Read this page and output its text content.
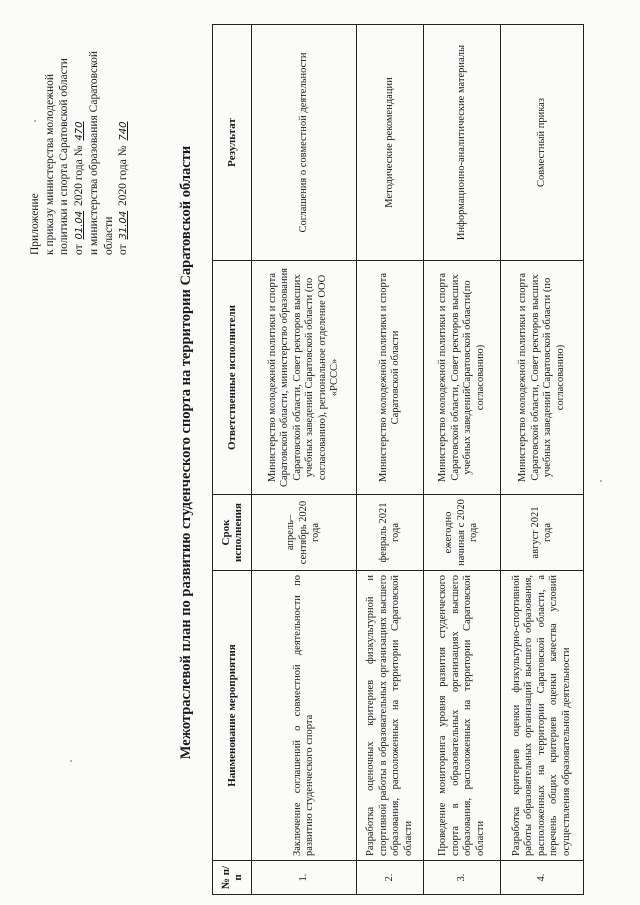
Приложение к приказу министерства молодежной политики и спорта Саратовской области от 01.04 2020 года № 470 и министерства образования Саратовской области от 31.04 2020 года № 740
Межотраслевой план по развитию студенческого спорта на территории Саратовской области
№ п/п	Наименование мероприятия	Срок исполнения	Ответственные исполнители	Результат
1.	Заключение соглашений о совместной деятельности по развитию студенческого спорта	апрель–сентябрь 2020 года	Министерство молодежной политики и спорта Саратовской области, министерство образования Саратовской области, Совет ректоров высших учебных заведений Саратовской области (по согласованию), региональное отделение ООО «РССС»	Соглашения о совместной деятельности
2.	Разработка оценочных критериев физкультурной и спортивной работы в образовательных организациях высшего образования, расположенных на территории Саратовской области	февраль 2021 года	Министерство молодежной политики и спорта Саратовской области	Методические рекомендации
3.	Проведение мониторинга уровня развития студенческого спорта в образовательных организациях высшего образования, расположенных на территории Саратовской области	ежегодно начиная с 2020 года	Министерство молодежной политики и спорта Саратовской области, Совет ректоров высших учебных заведенийСаратовской области(по согласованию)	Информационно-аналитические материалы
4.	Разработка критериев оценки физкультурно-спортивной работы образовательных организаций высшего образования, расположенных на территории Саратовской области, а перечень общих критериев оценки качества условий осуществления образовательной деятельности	август 2021 года	Министерство молодежной политики и спорта Саратовской области, Совет ректоров высших учебных заведений Саратовской области (по согласованию)	Совместный приказ
